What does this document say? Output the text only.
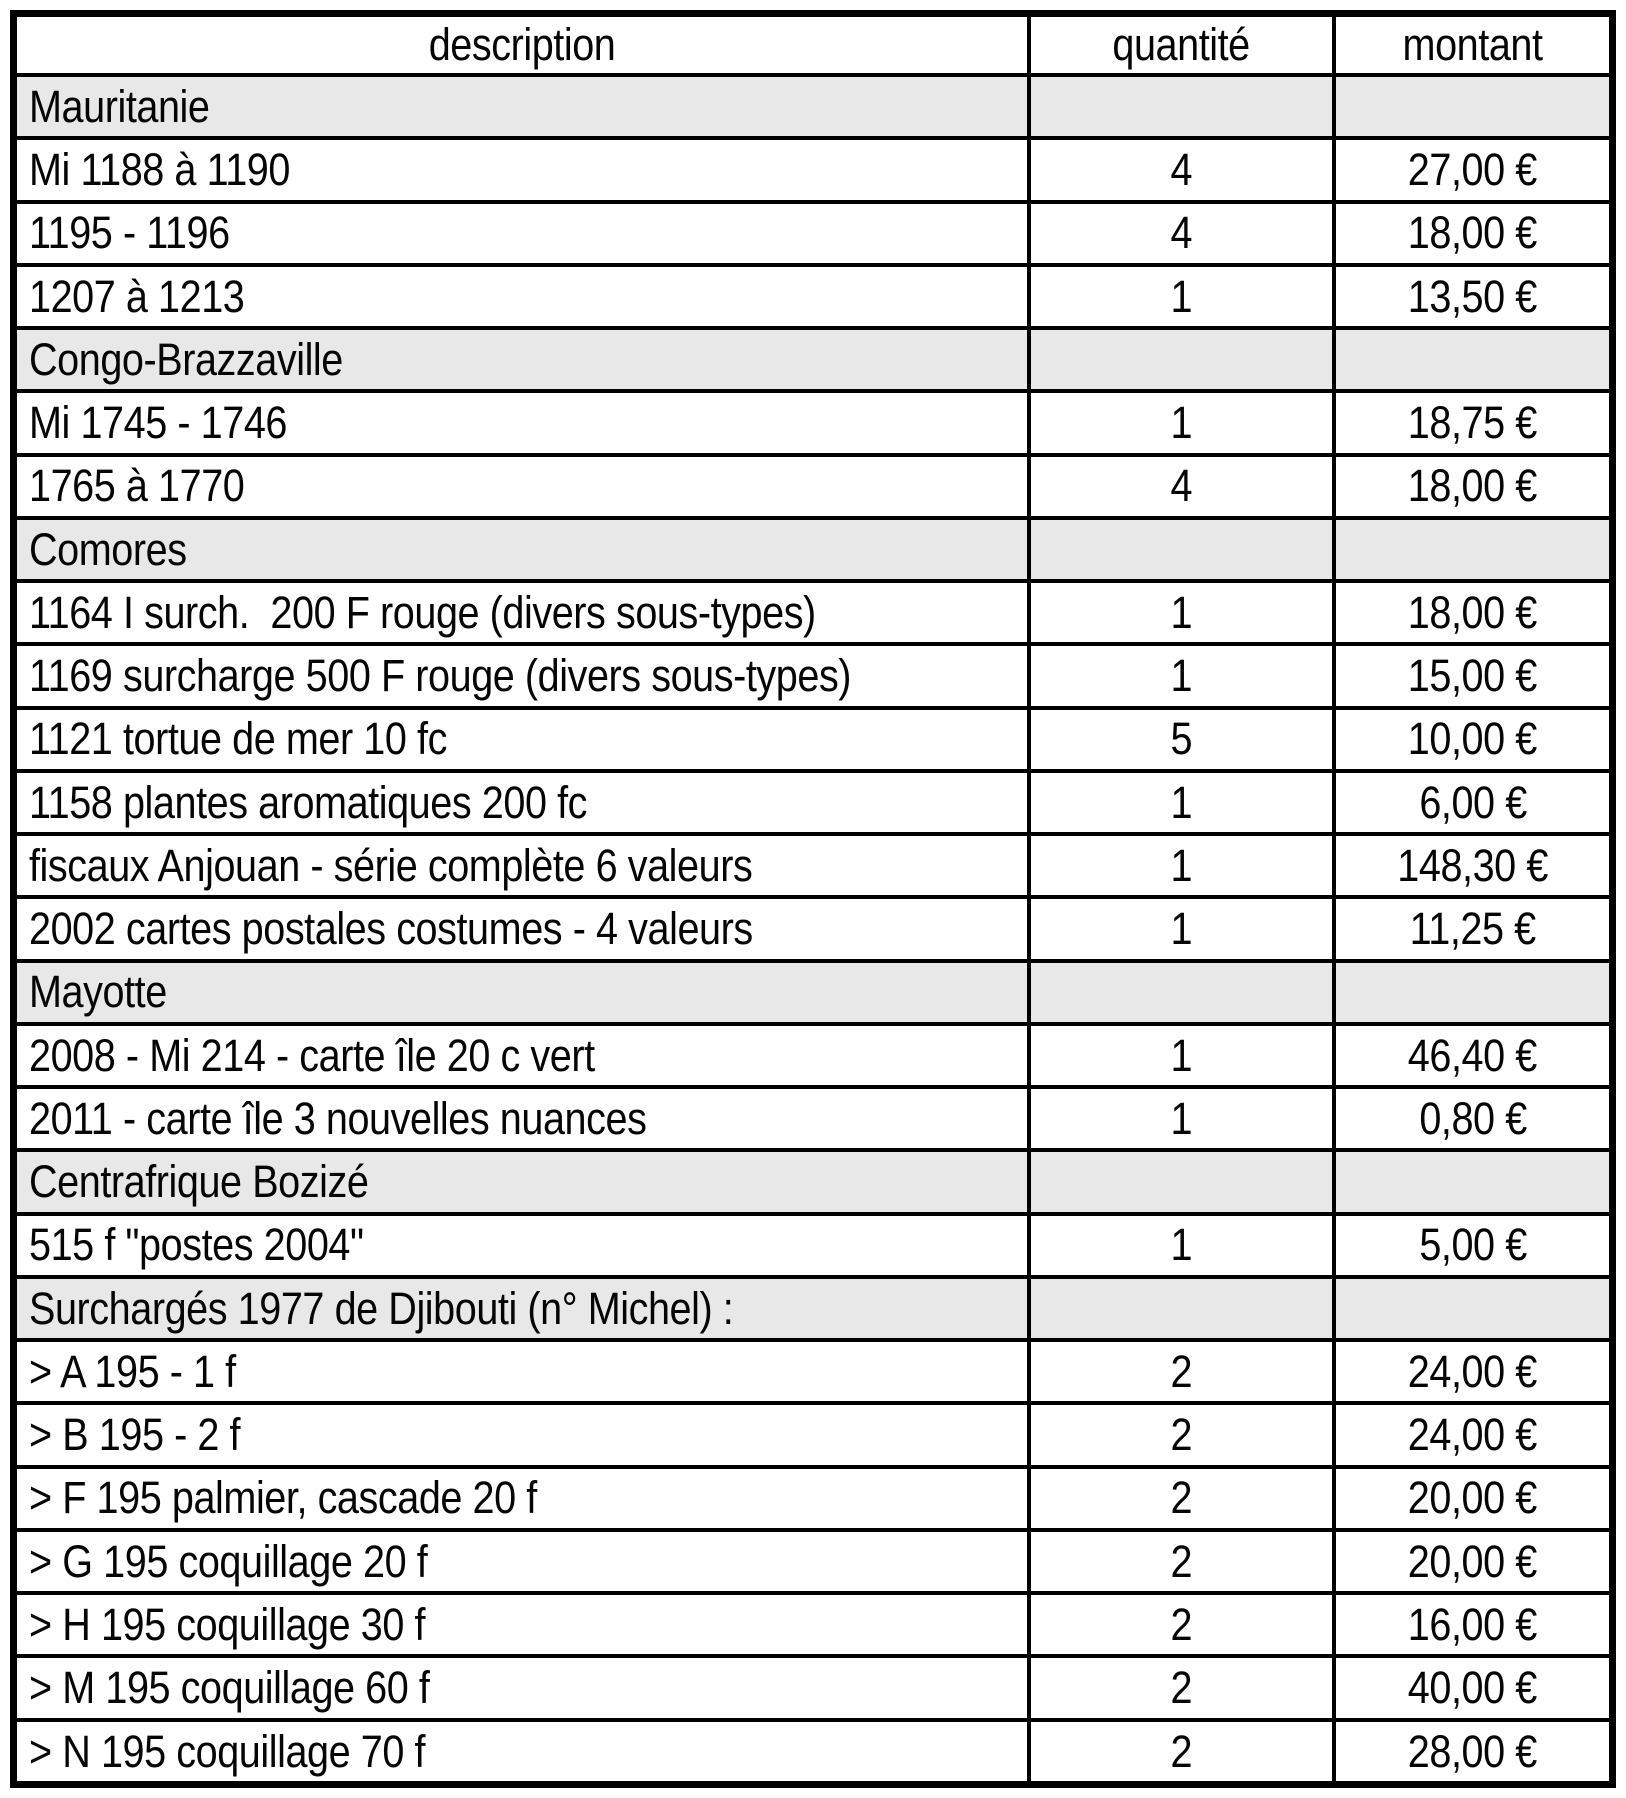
description	quantité	montant
Mauritanie		
Mi 1188 à 1190	4	27,00 €
1195 - 1196	4	18,00 €
1207 à 1213	1	13,50 €
Congo-Brazzaville		
Mi 1745 - 1746	1	18,75 €
1765 à 1770	4	18,00 €
Comores		
1164 I surch.  200 F rouge (divers sous-types)	1	18,00 €
1169 surcharge 500 F rouge (divers sous-types)	1	15,00 €
1121 tortue de mer 10 fc	5	10,00 €
1158 plantes aromatiques 200 fc	1	6,00 €
fiscaux Anjouan - série complète 6 valeurs	1	148,30 €
2002 cartes postales costumes - 4 valeurs	1	11,25 €
Mayotte		
2008 - Mi 214 - carte île 20 c vert	1	46,40 €
2011 - carte île 3 nouvelles nuances	1	0,80 €
Centrafrique Bozizé		
515 f "postes 2004"	1	5,00 €
Surchargés 1977 de Djibouti (n° Michel) :		
> A 195 - 1 f	2	24,00 €
> B 195 - 2 f	2	24,00 €
> F 195 palmier, cascade 20 f	2	20,00 €
> G 195 coquillage 20 f	2	20,00 €
> H 195 coquillage 30 f	2	16,00 €
> M 195 coquillage 60 f	2	40,00 €
> N 195 coquillage 70 f	2	28,00 €
